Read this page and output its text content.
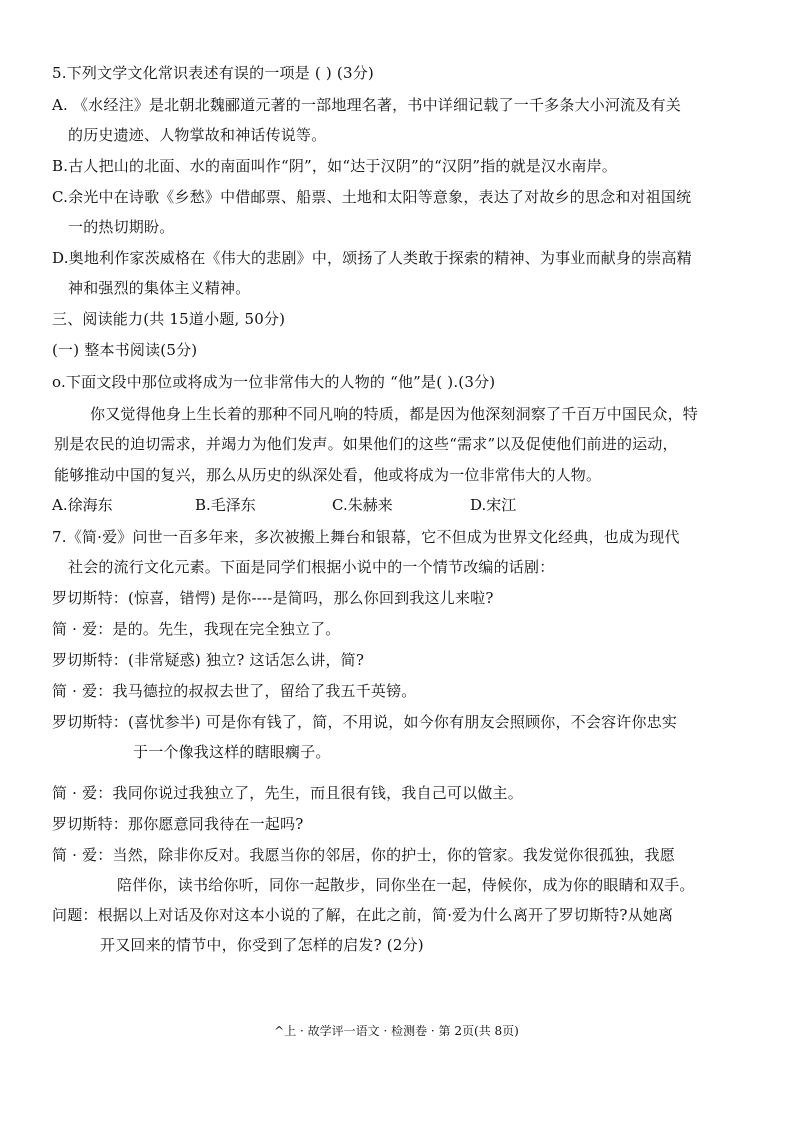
5.下列文学文化常识表述有误的一项是 ( ) (3分)
A. 《水经注》是北朝北魏郦道元著的一部地理名著，书中详细记载了一千多条大小河流及有关
的历史遗迹、人物掌故和神话传说等。
B.古人把山的北面、水的南面叫作“阴”，如“达于汉阴”的“汉阴”指的就是汉水南岸。
C.余光中在诗歌《乡愁》中借邮票、船票、土地和太阳等意象，表达了对故乡的思念和对祖国统
一的热切期盼。
D.奥地利作家茨威格在《伟大的悲剧》中，颂扬了人类敢于探索的精神、为事业而献身的崇高精
神和强烈的集体主义精神。
三、阅读能力(共 15道小题, 50分)
(一) 整本书阅读(5分)
o.下面文段中那位或将成为一位非常伟大的人物的 “他”是( ).(3分)
你又觉得他身上生长着的那种不同凡响的特质，都是因为他深刻洞察了千百万中国民众，特
别是农民的迫切需求，并竭力为他们发声。如果他们的这些“需求”以及促使他们前进的运动，
能够推动中国的复兴，那么从历史的纵深处看，他或将成为一位非常伟大的人物。
A.徐海东	B.毛泽东	C.朱赫来	D.宋江
7.《简·爱》问世一百多年来，多次被搬上舞台和银幕，它不但成为世界文化经典，也成为现代
社会的流行文化元素。下面是同学们根据小说中的一个情节改编的话剧：
罗切斯特：(惊喜，错愕) 是你----是简吗，那么你回到我这儿来啦?
简 · 爱：是的。先生，我现在完全独立了。
罗切斯特：(非常疑惑) 独立? 这话怎么讲，简?
简 · 爱：我马德拉的叔叔去世了，留给了我五千英镑。
罗切斯特：(喜忧参半) 可是你有钱了，简，不用说，如今你有朋友会照顾你，不会容许你忠实
于一个像我这样的瞎眼瘸子。
简 · 爱：我同你说过我独立了，先生，而且很有钱，我自己可以做主。
罗切斯特：那你愿意同我待在一起吗?
简 · 爱：当然，除非你反对。我愿当你的邻居，你的护士，你的管家。我发觉你很孤独，我愿
陪伴你，读书给你听，同你一起散步，同你坐在一起，侍候你，成为你的眼睛和双手。
问题：根据以上对话及你对这本小说的了解，在此之前，简·爱为什么离开了罗切斯特?从她离
开又回来的情节中，你受到了怎样的启发? (2分)
^上 · 故学评一语文 · 检测卷 · 第 2页(共 8页)
